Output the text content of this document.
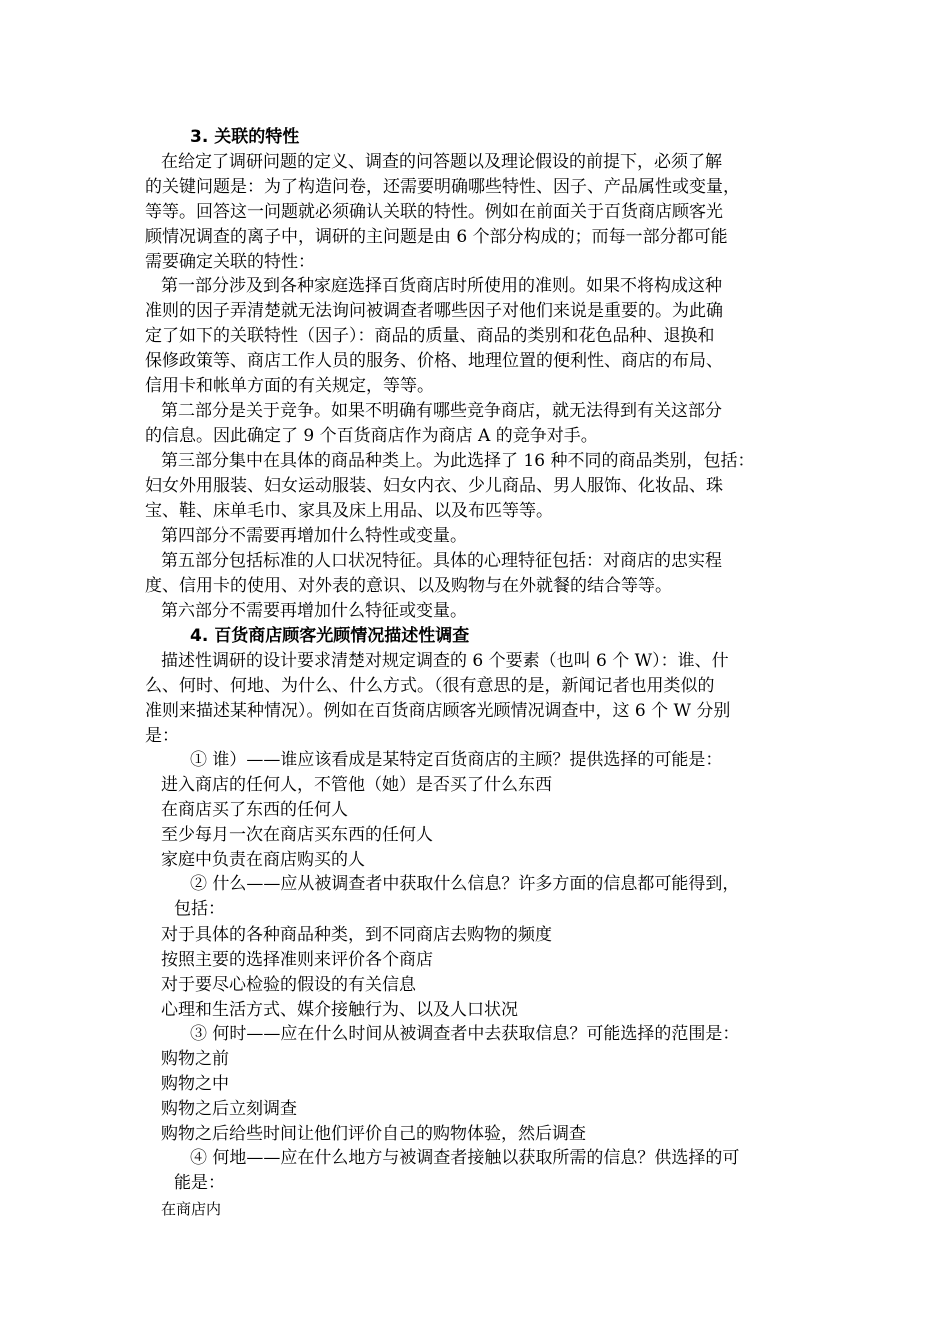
3. 关联的特性
在给定了调研问题的定义、调查的问答题以及理论假设的前提下，必须了解
的关键问题是：为了构造问卷，还需要明确哪些特性、因子、产品属性或变量，
等等。回答这一问题就必须确认关联的特性。例如在前面关于百货商店顾客光
顾情况调查的离子中，调研的主问题是由 6 个部分构成的；而每一部分都可能
需要确定关联的特性：
第一部分涉及到各种家庭选择百货商店时所使用的准则。如果不将构成这种
准则的因子弄清楚就无法询问被调查者哪些因子对他们来说是重要的。为此确
定了如下的关联特性（因子）：商品的质量、商品的类别和花色品种、退换和
保修政策等、商店工作人员的服务、价格、地理位置的便利性、商店的布局、
信用卡和帐单方面的有关规定，等等。
第二部分是关于竞争。如果不明确有哪些竞争商店，就无法得到有关这部分
的信息。因此确定了 9 个百货商店作为商店 A 的竞争对手。
第三部分集中在具体的商品种类上。为此选择了 16 种不同的商品类别，包括：
妇女外用服装、妇女运动服装、妇女内衣、少儿商品、男人服饰、化妆品、珠
宝、鞋、床单毛巾、家具及床上用品、以及布匹等等。
第四部分不需要再增加什么特性或变量。
第五部分包括标准的人口状况特征。具体的心理特征包括：对商店的忠实程
度、信用卡的使用、对外表的意识、以及购物与在外就餐的结合等等。
第六部分不需要再增加什么特征或变量。
4. 百货商店顾客光顾情况描述性调查
描述性调研的设计要求清楚对规定调查的 6 个要素（也叫 6 个 W）：谁、什
么、何时、何地、为什么、什么方式。（很有意思的是，新闻记者也用类似的
准则来描述某种情况）。例如在百货商店顾客光顾情况调查中，这 6 个 W 分别
是：
① 谁）——谁应该看成是某特定百货商店的主顾？提供选择的可能是：
进入商店的任何人，不管他（她）是否买了什么东西
在商店买了东西的任何人
至少每月一次在商店买东西的任何人
家庭中负责在商店购买的人
② 什么——应从被调查者中获取什么信息？许多方面的信息都可能得到，
包括：
对于具体的各种商品种类，到不同商店去购物的频度
按照主要的选择准则来评价各个商店
对于要尽心检验的假设的有关信息
心理和生活方式、媒介接触行为、以及人口状况
③ 何时——应在什么时间从被调查者中去获取信息？可能选择的范围是：
购物之前
购物之中
购物之后立刻调查
购物之后给些时间让他们评价自己的购物体验，然后调查
④ 何地——应在什么地方与被调查者接触以获取所需的信息？供选择的可
能是：
在商店内
